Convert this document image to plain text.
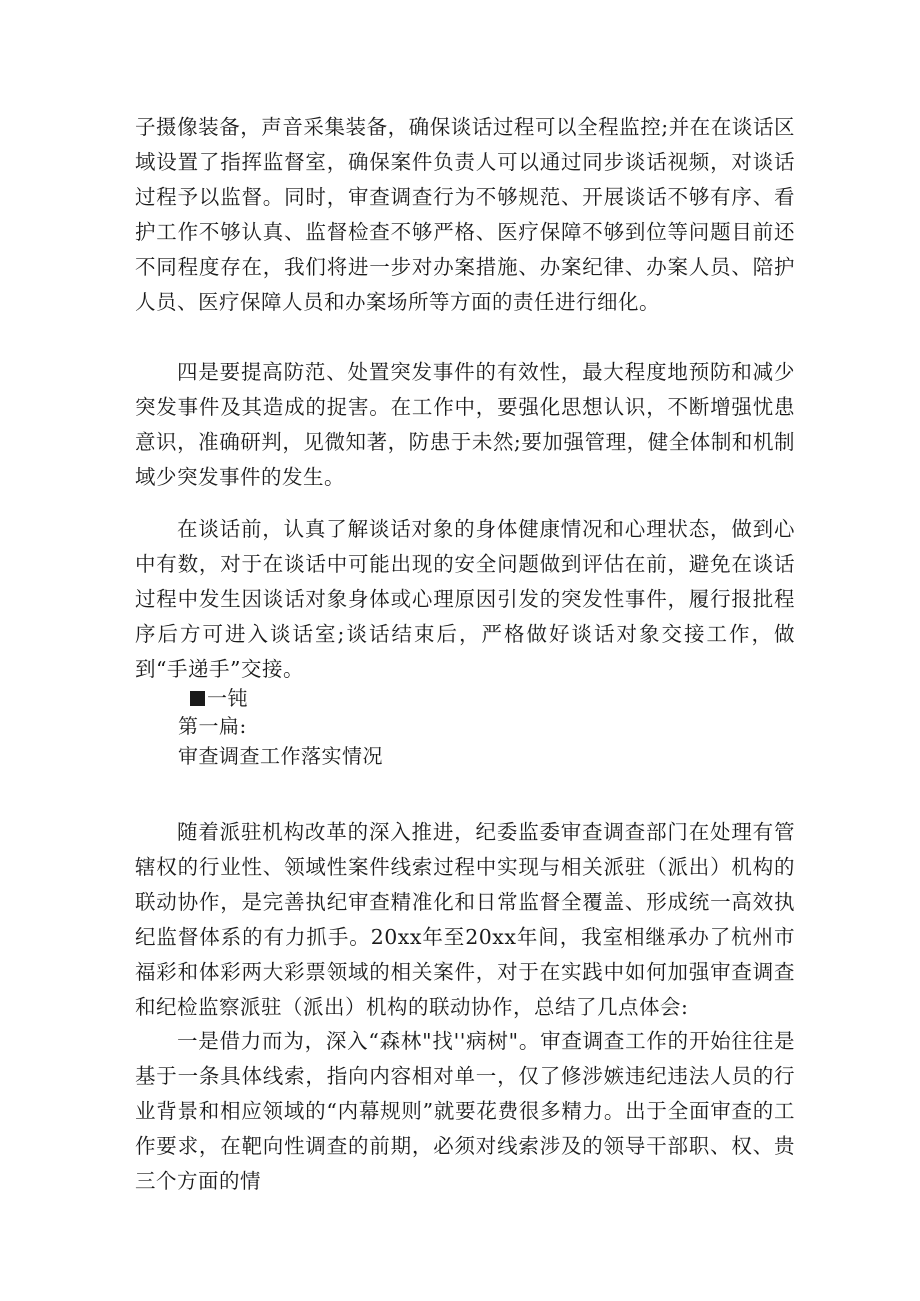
子摄像装备，声音采集装备，确保谈话过程可以全程监控;并在在谈话区域设置了指挥监督室，确保案件负责人可以通过同步谈话视频，对谈话过程予以监督。同时，审查调查行为不够规范、开展谈话不够有序、看护工作不够认真、监督检查不够严格、医疗保障不够到位等问题目前还不同程度存在，我们将进一步对办案措施、办案纪律、办案人员、陪护人员、医疗保障人员和办案场所等方面的责任进行细化。

四是要提高防范、处置突发事件的有效性，最大程度地预防和减少突发事件及其造成的捉害。在工作中，要强化思想认识，不断增强忧患意识，准确研判，见微知著，防患于未然;要加强管理，健全体制和机制域少突发事件的发生。

在谈话前，认真了解谈话对象的身体健康情况和心理状态，做到心中有数，对于在谈话中可能出现的安全问题做到评估在前，避免在谈话过程中发生因谈话对象身体或心理原因引发的突发性事件，履行报批程序后方可进入谈话室;谈话结束后，严格做好谈话对象交接工作，做到“手递手”交接。

一钝

第一扁:

审查调查工作落实情况

随着派驻机构改革的深入推进，纪委监委审查调查部门在处理有管辖权的行业性、领域性案件线索过程中实现与相关派驻（派出）机构的联动协作，是完善执纪审查精准化和日常监督全覆盖、形成统一高效执纪监督体系的有力抓手。20xx年至20xx年间，我室相继承办了杭州市福彩和体彩两大彩票领域的相关案件，对于在实践中如何加强审查调查和纪检监察派驻（派出）机构的联动协作，总结了几点体会:

一是借力而为，深入“森林"找''病树"。审查调查工作的开始往往是基于一条具体线索，指向内容相对单一，仅了修涉嫉违纪违法人员的行业背景和相应领域的“内幕规则”就要花费很多精力。出于全面审查的工作要求，在靶向性调查的前期，必须对线索涉及的领导干部职、权、贵三个方面的情
